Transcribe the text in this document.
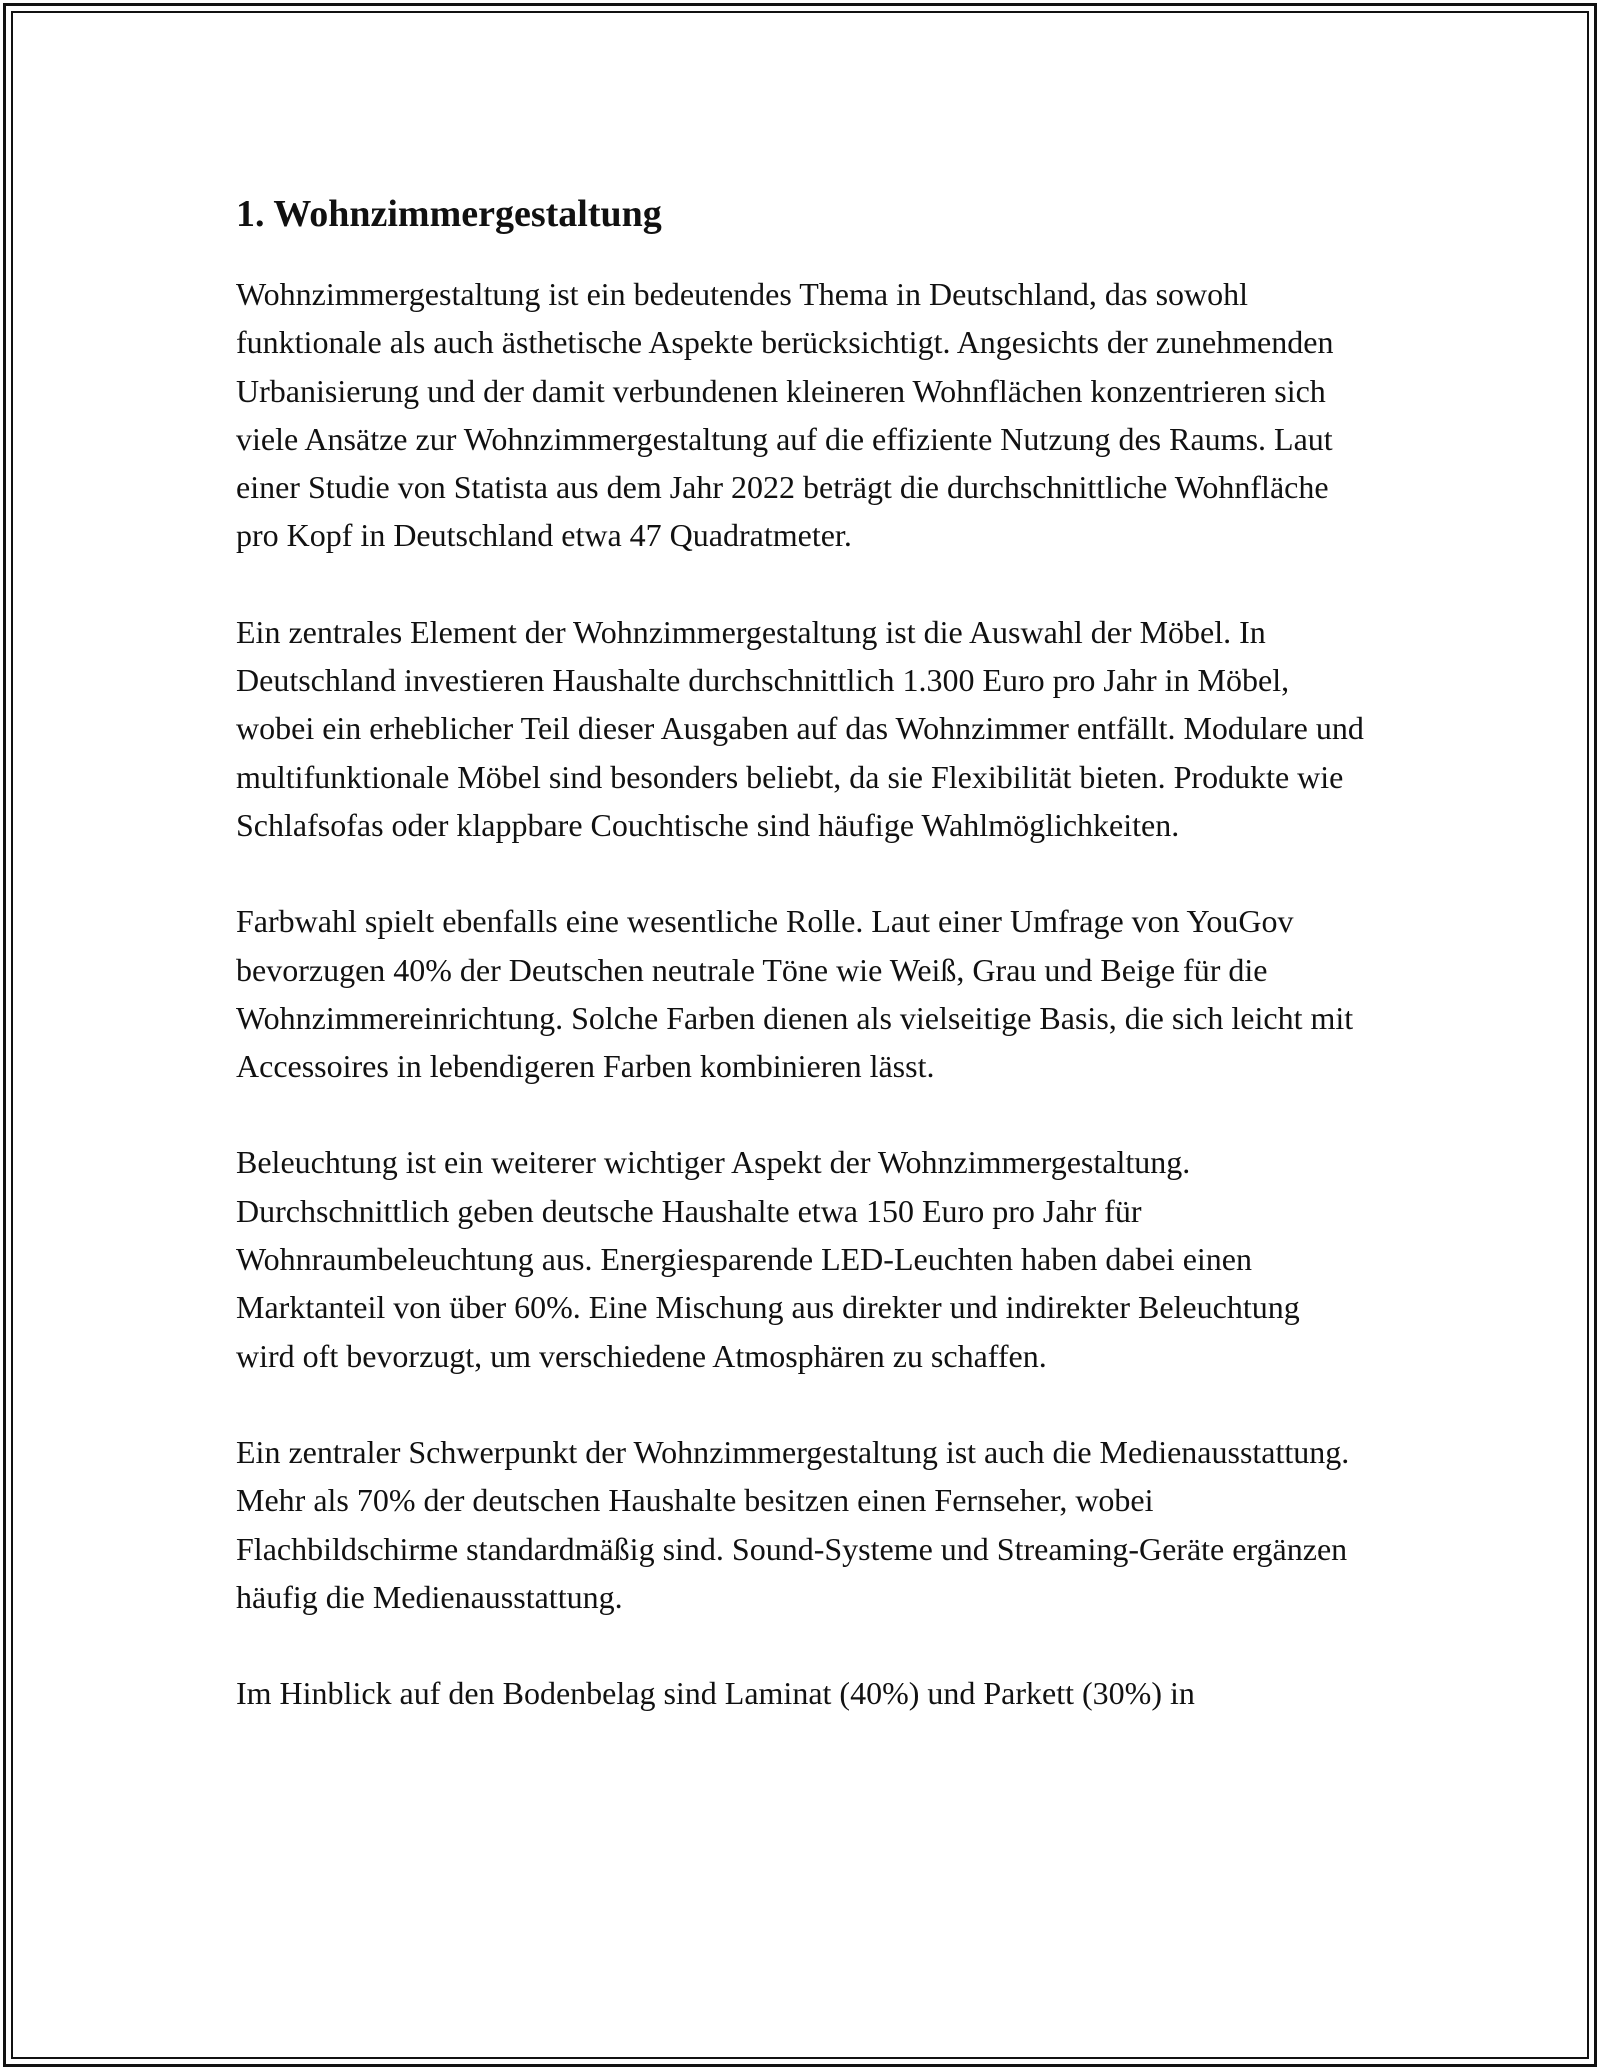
1. Wohnzimmergestaltung

Wohnzimmergestaltung ist ein bedeutendes Thema in Deutschland, das sowohl funktionale als auch ästhetische Aspekte berücksichtigt. Angesichts der zunehmenden Urbanisierung und der damit verbundenen kleineren Wohnflächen konzentrieren sich viele Ansätze zur Wohnzimmergestaltung auf die effiziente Nutzung des Raums. Laut einer Studie von Statista aus dem Jahr 2022 beträgt die durchschnittliche Wohnfläche pro Kopf in Deutschland etwa 47 Quadratmeter.

Ein zentrales Element der Wohnzimmergestaltung ist die Auswahl der Möbel. In Deutschland investieren Haushalte durchschnittlich 1.300 Euro pro Jahr in Möbel, wobei ein erheblicher Teil dieser Ausgaben auf das Wohnzimmer entfällt. Modulare und multifunktionale Möbel sind besonders beliebt, da sie Flexibilität bieten. Produkte wie Schlafsofas oder klappbare Couchtische sind häufige Wahlmöglichkeiten.

Farbwahl spielt ebenfalls eine wesentliche Rolle. Laut einer Umfrage von YouGov bevorzugen 40% der Deutschen neutrale Töne wie Weiß, Grau und Beige für die Wohnzimmereinrichtung. Solche Farben dienen als vielseitige Basis, die sich leicht mit Accessoires in lebendigeren Farben kombinieren lässt.

Beleuchtung ist ein weiterer wichtiger Aspekt der Wohnzimmergestaltung. Durchschnittlich geben deutsche Haushalte etwa 150 Euro pro Jahr für Wohnraumbeleuchtung aus. Energiesparende LED-Leuchten haben dabei einen Marktanteil von über 60%. Eine Mischung aus direkter und indirekter Beleuchtung wird oft bevorzugt, um verschiedene Atmosphären zu schaffen.

Ein zentraler Schwerpunkt der Wohnzimmergestaltung ist auch die Medienausstattung. Mehr als 70% der deutschen Haushalte besitzen einen Fernseher, wobei Flachbildschirme standardmäßig sind. Sound-Systeme und Streaming-Geräte ergänzen häufig die Medienausstattung.

Im Hinblick auf den Bodenbelag sind Laminat (40%) und Parkett (30%) in
